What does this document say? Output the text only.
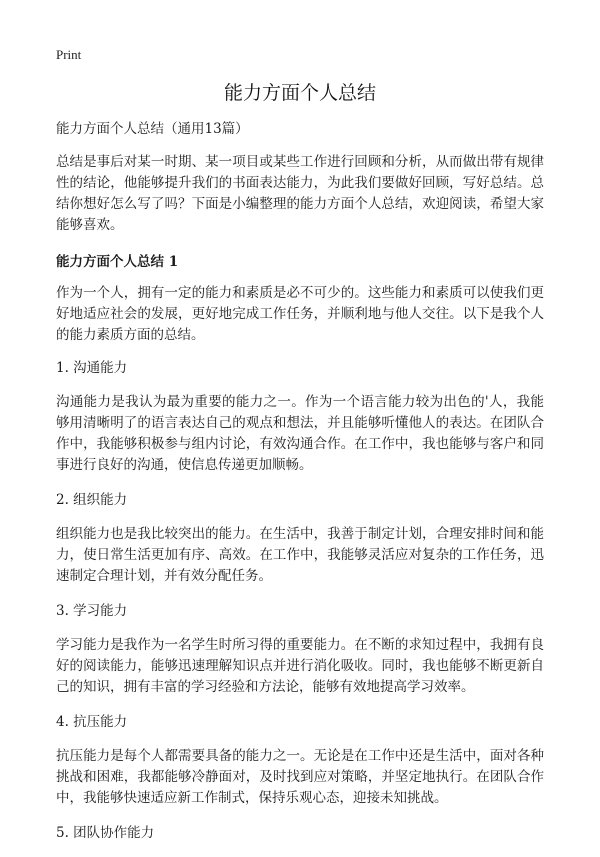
Print
能力方面个人总结

能力方面个人总结（通用13篇）

总结是事后对某一时期、某一项目或某些工作进行回顾和分析，从而做出带有规律性的结论，他能够提升我们的书面表达能力，为此我们要做好回顾，写好总结。总结你想好怎么写了吗？下面是小编整理的能力方面个人总结，欢迎阅读，希望大家能够喜欢。

能力方面个人总结 1

作为一个人，拥有一定的能力和素质是必不可少的。这些能力和素质可以使我们更好地适应社会的发展，更好地完成工作任务，并顺利地与他人交往。以下是我个人的能力素质方面的总结。

1. 沟通能力

沟通能力是我认为最为重要的能力之一。作为一个语言能力较为出色的'人，我能够用清晰明了的语言表达自己的观点和想法，并且能够听懂他人的表达。在团队合作中，我能够积极参与组内讨论，有效沟通合作。在工作中，我也能够与客户和同事进行良好的沟通，使信息传递更加顺畅。

2. 组织能力

组织能力也是我比较突出的能力。在生活中，我善于制定计划，合理安排时间和能力，使日常生活更加有序、高效。在工作中，我能够灵活应对复杂的工作任务，迅速制定合理计划，并有效分配任务。

3. 学习能力

学习能力是我作为一名学生时所习得的重要能力。在不断的求知过程中，我拥有良好的阅读能力，能够迅速理解知识点并进行消化吸收。同时，我也能够不断更新自己的知识，拥有丰富的学习经验和方法论，能够有效地提高学习效率。

4. 抗压能力

抗压能力是每个人都需要具备的能力之一。无论是在工作中还是生活中，面对各种挑战和困难，我都能够冷静面对，及时找到应对策略，并坚定地执行。在团队合作中，我能够快速适应新工作制式，保持乐观心态，迎接未知挑战。

5. 团队协作能力
